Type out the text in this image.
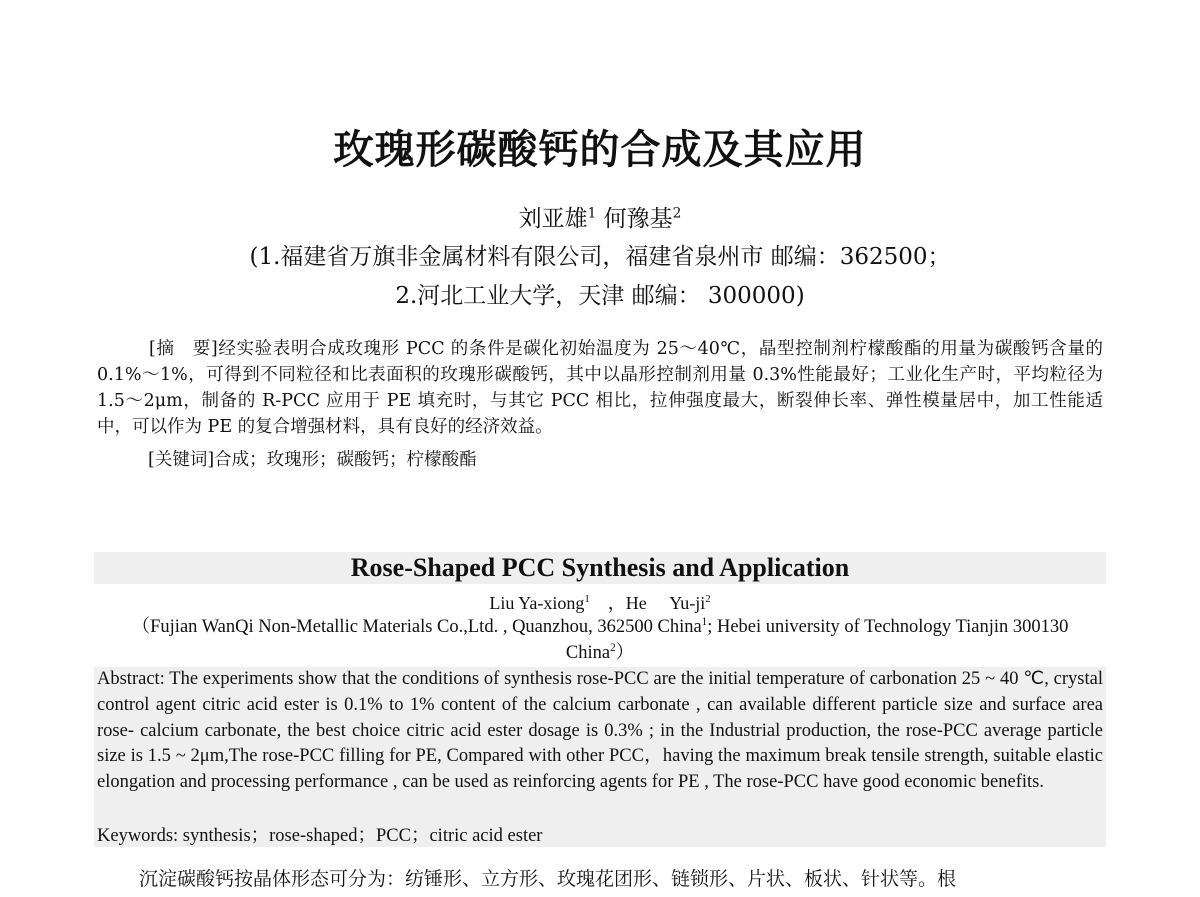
玫瑰形碳酸钙的合成及其应用
刘亚雄$^1$ 何豫基$^2$
(1.福建省万旗非金属材料有限公司，福建省泉州市 邮编：362500；
2.河北工业大学，天津 邮编： 300000)

[摘　要]经实验表明合成玫瑰形 PCC 的条件是碳化初始温度为 25～40℃，晶型控制剂柠檬酸酯的用量为碳酸钙含量的 0.1%～1%，可得到不同粒径和比表面积的玫瑰形碳酸钙，其中以晶形控制剂用量 0.3%性能最好；工业化生产时，平均粒径为 1.5～2μm，制备的 R-PCC 应用于 PE 填充时，与其它 PCC 相比，拉伸强度最大，断裂伸长率、弹性模量居中，加工性能适中，可以作为 PE 的复合增强材料，具有良好的经济效益。

[关键词]合成；玫瑰形；碳酸钙；柠檬酸酯
Rose-Shaped PCC Synthesis and Application
Liu Ya-xiong$^1$ ，He $Yu-ji^2$
（Fujian WanQi Non-Metallic Materials Co.,Ltd. , Quanzhou, 362500 China$^1$; Hebei university of Technology Tianjin 300130 China$^2$）

Abstract: The experiments show that the conditions of synthesis rose-PCC are the initial temperature of carbonation 25 ~ 40 ℃, crystal control agent citric acid ester is 0.1% to 1% content of the calcium carbonate , can available different particle size and surface area rose- calcium carbonate, the best choice citric acid ester dosage is 0.3% ; in the Industrial production, the rose-PCC average particle size is 1.5 ~ 2μm,The rose-PCC filling for PE, Compared with other PCC，having the maximum break tensile strength, suitable elastic elongation and processing performance , can be used as reinforcing agents for PE , The rose-PCC have good economic benefits.

Keywords: synthesis；rose-shaped；PCC；citric acid ester
沉淀碳酸钙按晶体形态可分为：纺锤形、立方形、玫瑰花团形、链锁形、片状、板状、针状等。根
